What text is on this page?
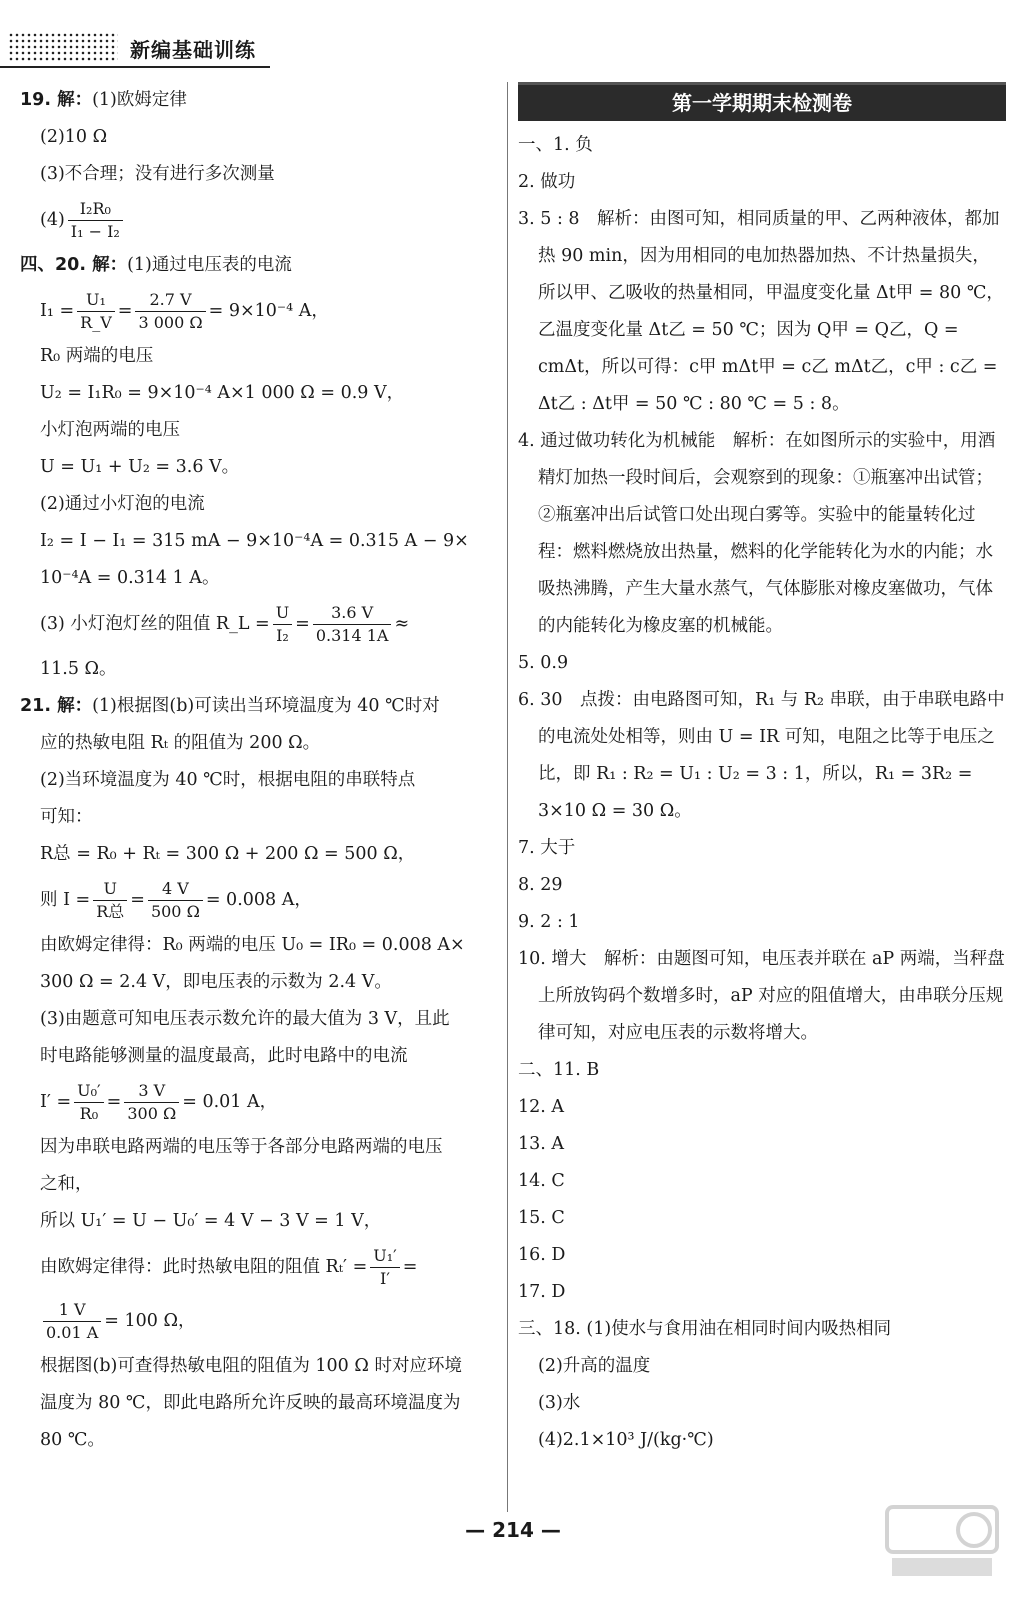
新编基础训练
19. 解：(1)欧姆定律
(2)10 Ω
(3)不合理；没有进行多次测量
$(4) \frac{\text{I₂R₀}}{\text{I₁ − I₂}}$
四、20. 解：(1)通过电压表的电流
$I_1 = \frac{\text{U₁}}{R\_V} = \frac{2.7 V}{3 000 \Omega} = 9\times 10^{-4}$ A，
R₀ 两端的电压
U₂ = I₁R₀ = 9×10⁻⁴ A×1 000 Ω = 0.9 V，
小灯泡两端的电压
U = U₁ + U₂ = 3.6 V。
(2)通过小灯泡的电流
I₂ = I − I₁ = 315 mA − 9×10⁻⁴A = 0.315 A − 9×
10⁻⁴A = 0.314 1 A。
(3) 小灯泡灯丝的阻值 R_L = $\frac{U}{\text{I₂}} = \frac{3.6 V}{0.314 1A}$ ≈
11.5 Ω。
21. 解：(1)根据图(b)可读出当环境温度为 40 ℃时对
应的热敏电阻 Rₜ 的阻值为 200 Ω。
(2)当环境温度为 40 ℃时，根据电阻的串联特点
可知：
R总 = R₀ + Rₜ = 300 Ω + 200 Ω = 500 Ω，
则 $I = \frac{U}{\text{R总}} = \frac{4 V}{500 \Omega} = 0.008$ A，
由欧姆定律得：R₀ 两端的电压 U₀ = IR₀ = 0.008 A×
300 Ω = 2.4 V，即电压表的示数为 2.4 V。
(3)由题意可知电压表示数允许的最大值为 3 V，且此
时电路能够测量的温度最高，此时电路中的电流
$I' = \frac{\text{U₀′}}{\text{R₀}} = \frac{3 V}{300 \Omega} = 0.01$ A，
因为串联电路两端的电压等于各部分电路两端的电压
之和，
所以 U₁′ = U − U₀′ = 4 V − 3 V = 1 V，
由欧姆定律得：此时热敏电阻的阻值 $R_t' = \frac{\text{U₁′}}{I'}$ =
$\frac{1 V}{0.01 A} = 100$ Ω，
根据图(b)可查得热敏电阻的阻值为 100 Ω 时对应环境
温度为 80 ℃，即此电路所允许反映的最高环境温度为
80 ℃。
第一学期期末检测卷
一、1. 负
2. 做功
3. 5 : 8　解析：由图可知，相同质量的甲、乙两种液体，都加热 90 min，因为用相同的电加热器加热、不计热量损失，所以甲、乙吸收的热量相同，甲温度变化量 Δt甲 = 80 ℃，乙温度变化量 Δt乙 = 50 ℃；因为 Q甲 = Q乙，Q = cmΔt，所以可得：c甲 mΔt甲 = c乙 mΔt乙，c甲 : c乙 = Δt乙 : Δt甲 = 50 ℃ : 80 ℃ = 5 : 8。
4. 通过做功转化为机械能　解析：在如图所示的实验中，用酒精灯加热一段时间后，会观察到的现象：①瓶塞冲出试管；②瓶塞冲出后试管口处出现白雾等。实验中的能量转化过程：燃料燃烧放出热量，燃料的化学能转化为水的内能；水吸热沸腾，产生大量水蒸气，气体膨胀对橡皮塞做功，气体的内能转化为橡皮塞的机械能。
5. 0.9
6. 30　点拨：由电路图可知，R₁ 与 R₂ 串联，由于串联电路中的电流处处相等，则由 U = IR 可知，电阻之比等于电压之比，即 R₁ : R₂ = U₁ : U₂ = 3 : 1，所以，R₁ = 3R₂ = 3×10 Ω = 30 Ω。
7. 大于
8. 29
9. 2 : 1
10. 增大　解析：由题图可知，电压表并联在 aP 两端，当秤盘上所放钩码个数增多时，aP 对应的阻值增大，由串联分压规律可知，对应电压表的示数将增大。
二、11. B
12. A
13. A
14. C
15. C
16. D
17. D
三、18. (1)使水与食用油在相同时间内吸热相同
(2)升高的温度
(3)水
(4)2.1×10³ J/(kg·℃)
— 214 —
